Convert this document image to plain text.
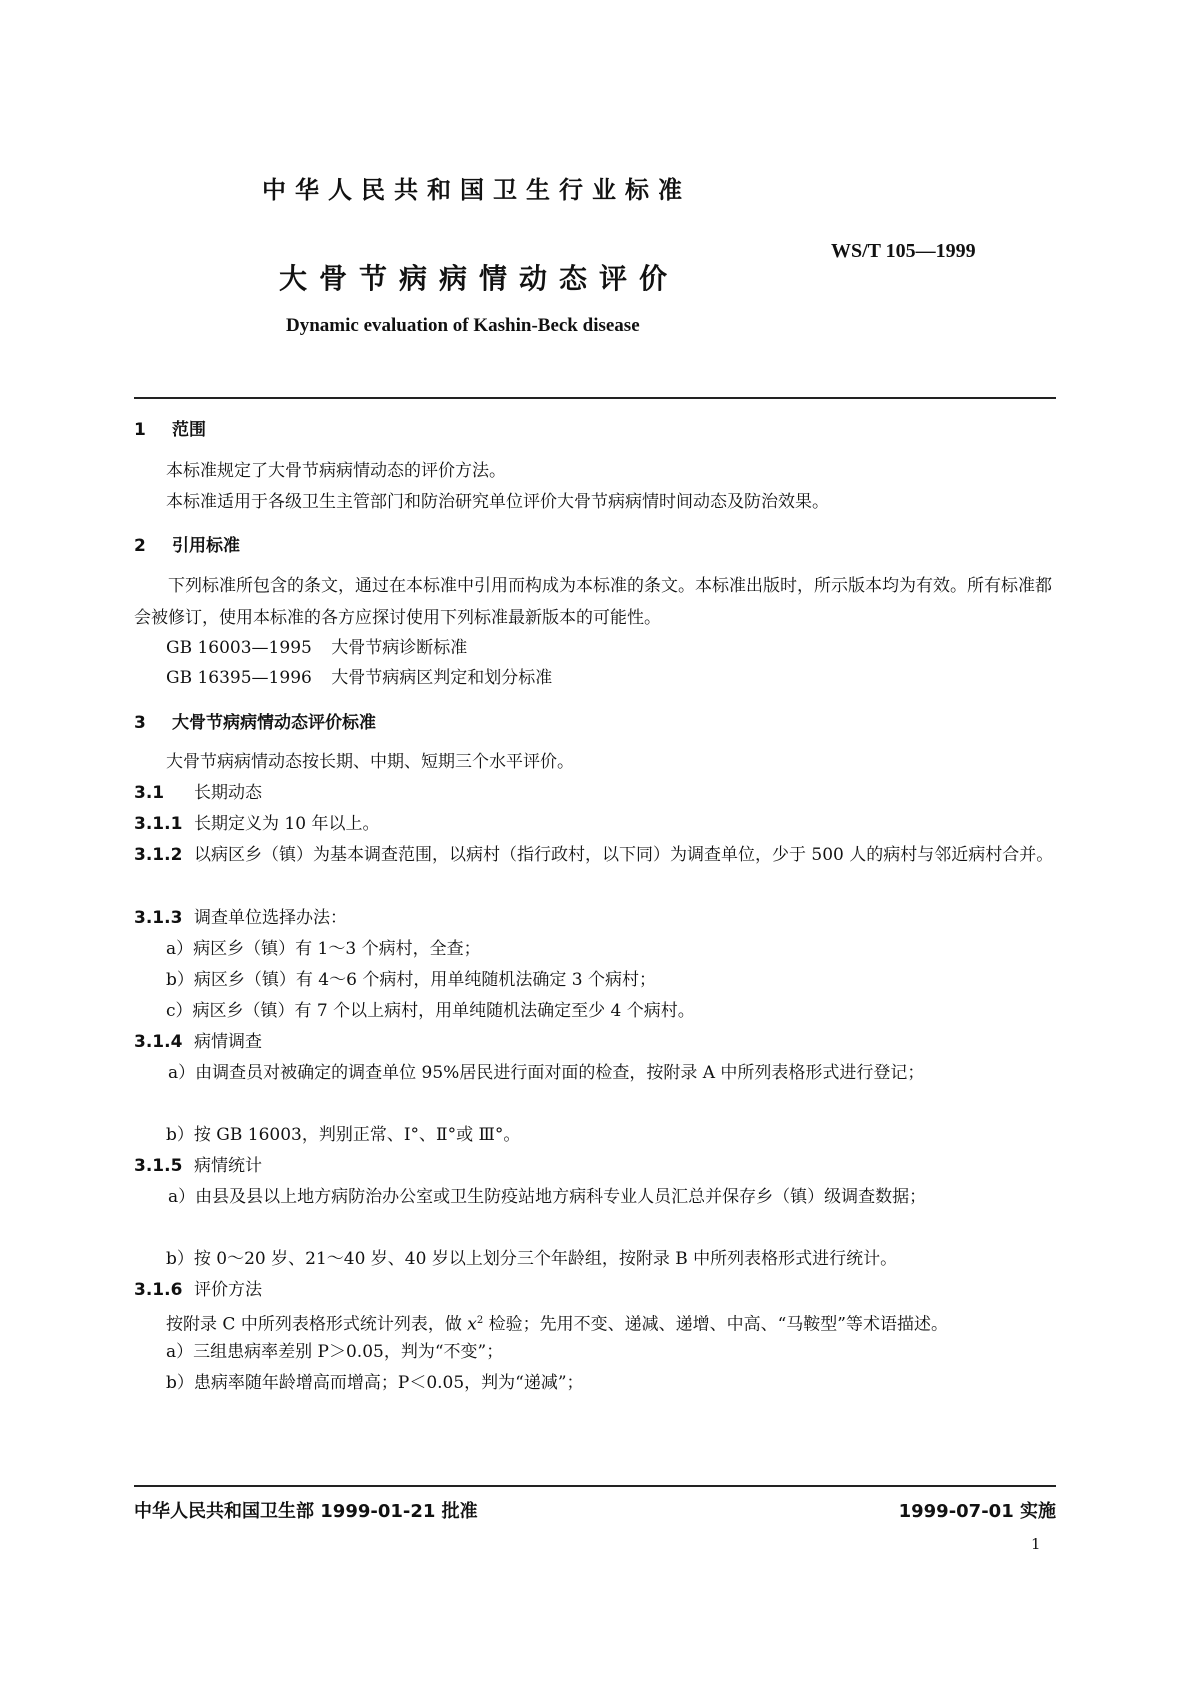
中华人民共和国卫生行业标准
WS/T 105—1999
大骨节病病情动态评价
Dynamic evaluation of Kashin-Beck disease
1 范围
本标准规定了大骨节病病情动态的评价方法。
本标准适用于各级卫生主管部门和防治研究单位评价大骨节病病情时间动态及防治效果。
2 引用标准
下列标准所包含的条文，通过在本标准中引用而构成为本标准的条文。本标准出版时，所示版本均为有效。所有标准都会被修订，使用本标准的各方应探讨使用下列标准最新版本的可能性。
GB 16003—1995 大骨节病诊断标准
GB 16395—1996 大骨节病病区判定和划分标准
3 大骨节病病情动态评价标准
大骨节病病情动态按长期、中期、短期三个水平评价。
3.1 长期动态
3.1.1 长期定义为 10 年以上。
3.1.2 以病区乡（镇）为基本调查范围，以病村（指行政村，以下同）为调查单位，少于 500 人的病村与邻近病村合并。
3.1.3 调查单位选择办法：
a）病区乡（镇）有 1～3 个病村，全查；
b）病区乡（镇）有 4～6 个病村，用单纯随机法确定 3 个病村；
c）病区乡（镇）有 7 个以上病村，用单纯随机法确定至少 4 个病村。
3.1.4 病情调查
a）由调查员对被确定的调查单位 95%居民进行面对面的检查，按附录 A 中所列表格形式进行登记；
b）按 GB 16003，判别正常、Ⅰ°、Ⅱ°或 Ⅲ°。
3.1.5 病情统计
a）由县及县以上地方病防治办公室或卫生防疫站地方病科专业人员汇总并保存乡（镇）级调查数据；
b）按 0～20 岁、21～40 岁、40 岁以上划分三个年龄组，按附录 B 中所列表格形式进行统计。
3.1.6 评价方法
按附录 C 中所列表格形式统计列表，做 $x^2$ 检验；先用不变、递减、递增、中高、“马鞍型”等术语描述。
a）三组患病率差别 P＞0.05，判为“不变”；
b）患病率随年龄增高而增高；P＜0.05，判为“递减”；
中华人民共和国卫生部 1999-01-21 批准	1999-07-01 实施
1
